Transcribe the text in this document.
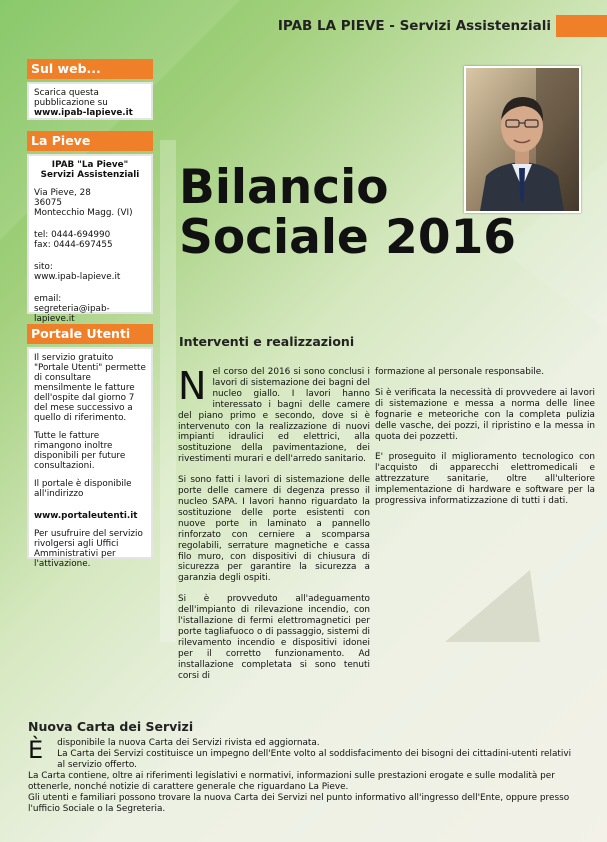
IPAB LA PIEVE - Servizi Assistenziali
Sul web...
Scarica questa
pubblicazione su
www.ipab-lapieve.it
La Pieve
IPAB "La Pieve"
Servizi Assistenziali
Via Pieve, 28
36075
Montecchio Magg. (VI)
tel: 0444-694990
fax: 0444-697455
sito:
www.ipab-lapieve.it
email:
segreteria@ipab-lapieve.it
Portale Utenti

Il servizio gratuito "Portale Utenti" permette di consultare mensilmente le fatture dell'ospite dal giorno 7 del mese successivo a quello di riferimento.

Tutte le fatture rimangono inoltre disponibili per future consultazioni.

Il portale è disponibile all'indirizzo

www.portaleutenti.it

Per usufruire del servizio rivolgersi agli Uffici Amministrativi per l'attivazione.

Bilancio
Sociale 2016
Interventi e realizzazioni

N el corso del 2016 si sono conclusi i lavori di sistemazione dei bagni del nucleo giallo. I lavori hanno interessato i bagni delle camere del piano primo e secondo, dove si è intervenuto con la realizzazione di nuovi impianti idraulici ed elettrici, alla sostituzione della pavimentazione, dei rivestimenti murari e dell'arredo sanitario.

Si sono fatti i lavori di sistemazione delle porte delle camere di degenza presso il nucleo SAPA. I lavori hanno riguardato la sostituzione delle porte esistenti con nuove porte in laminato a pannello rinforzato con cerniere a scomparsa regolabili, serrature magnetiche e cassa filo muro, con dispositivi di chiusura di sicurezza per garantire la sicurezza a garanzia degli ospiti.

Si è provveduto all'adeguamento dell'impianto di rilevazione incendio, con l'istallazione di fermi elettromagnetici per porte tagliafuoco o di passaggio, sistemi di rilevamento incendio e dispositivi idonei per il corretto funzionamento. Ad installazione completata si sono tenuti corsi di

formazione al personale responsabile.

Si è verificata la necessità di provvedere ai lavori di sistemazione e messa a norma delle linee fognarie e meteoriche con la completa pulizia delle vasche, dei pozzi, il ripristino e la messa in quota dei pozzetti.

E' proseguito il miglioramento tecnologico con l'acquisto di apparecchi elettromedicali e attrezzature sanitarie, oltre all'ulteriore implementazione di hardware e software per la progressiva informatizzazione di tutti i dati.

Nuova Carta dei Servizi

È disponibile la nuova Carta dei Servizi rivista ed aggiornata.
La Carta dei Servizi costituisce un impegno dell'Ente volto al soddisfacimento dei bisogni dei cittadini-utenti relativi al servizio offerto.

La Carta contiene, oltre ai riferimenti legislativi e normativi, informazioni sulle prestazioni erogate e sulle modalità per ottenerle, nonché notizie di carattere generale che riguardano La Pieve.

Gli utenti e familiari possono trovare la nuova Carta dei Servizi nel punto informativo all'ingresso dell'Ente, oppure presso l'ufficio Sociale o la Segreteria.
